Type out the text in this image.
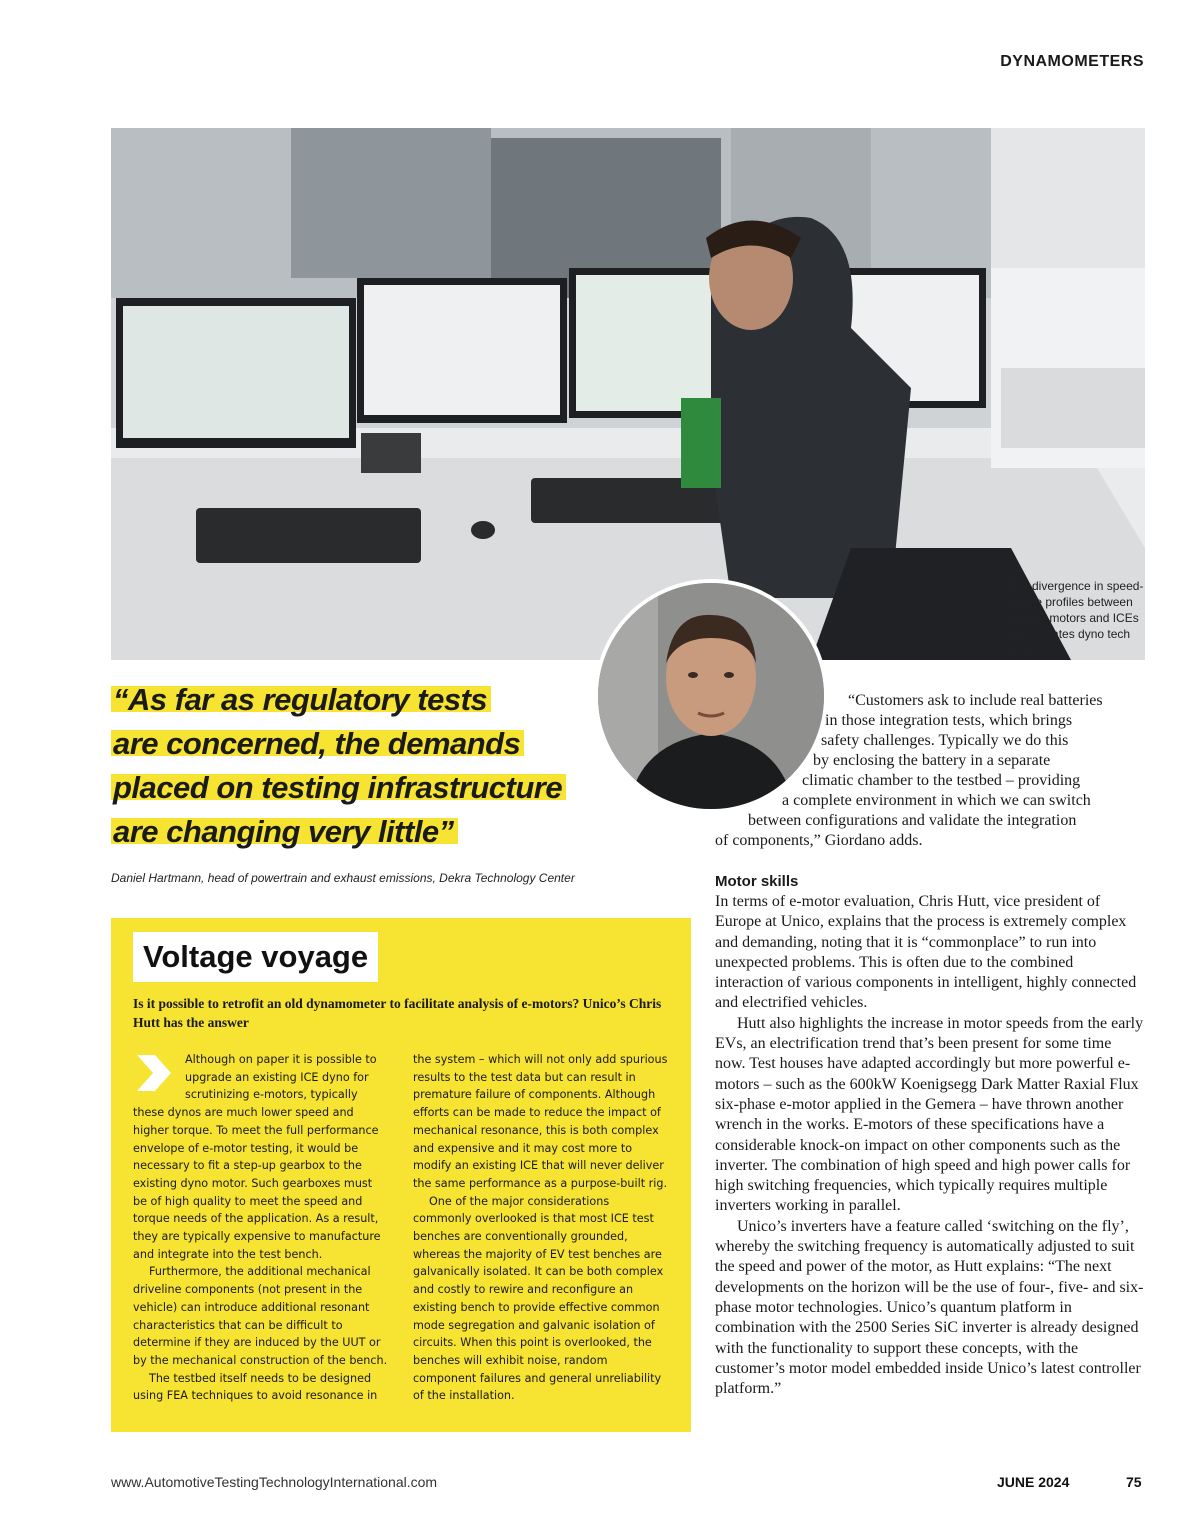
DYNAMOMETERS
The divergence in speed-torque profiles between electric motors and ICEs necessitates dyno tech evolution
“As far as regulatory tests
are concerned, the demands
placed on testing infrastructure
are changing very little”
Daniel Hartmann, head of powertrain and exhaust emissions, Dekra Technology Center
“Customers ask to include real batteries
in those integration tests, which brings
safety challenges. Typically we do this
by enclosing the battery in a separate
climatic chamber to the testbed – providing
a complete environment in which we can switch
between configurations and validate the integration
of components,” Giordano adds.
Motor skills

In terms of e-motor evaluation, Chris Hutt, vice president of Europe at Unico, explains that the process is extremely complex and demanding, noting that it is “commonplace” to run into unexpected problems. This is often due to the combined interaction of various components in intelligent, highly connected and electrified vehicles.

Hutt also highlights the increase in motor speeds from the early EVs, an electrification trend that’s been present for some time now. Test houses have adapted accordingly but more powerful e-motors – such as the 600kW Koenigsegg Dark Matter Raxial Flux six-phase e-motor applied in the Gemera – have thrown another wrench in the works. E-motors of these specifications have a considerable knock-on impact on other components such as the inverter. The combination of high speed and high power calls for high switching frequencies, which typically requires multiple inverters working in parallel.

Unico’s inverters have a feature called ‘switching on the fly’, whereby the switching frequency is automatically adjusted to suit the speed and power of the motor, as Hutt explains: “The next developments on the horizon will be the use of four-, five- and six-phase motor technologies. Unico’s quantum platform in combination with the 2500 Series SiC inverter is already designed with the functionality to support these concepts, with the customer’s motor model embedded inside Unico’s latest controller platform.”

Voltage voyage
Is it possible to retrofit an old dynamometer to facilitate analysis of e-motors? Unico’s Chris Hutt has the answer

Although on paper it is possible to upgrade an existing ICE dyno for scrutinizing e-motors, typically these dynos are much lower speed and higher torque. To meet the full performance envelope of e-motor testing, it would be necessary to fit a step-up gearbox to the existing dyno motor. Such gearboxes must be of high quality to meet the speed and torque needs of the application. As a result, they are typically expensive to manufacture and integrate into the test bench.

Furthermore, the additional mechanical driveline components (not present in the vehicle) can introduce additional resonant characteristics that can be difficult to determine if they are induced by the UUT or by the mechanical construction of the bench.

The testbed itself needs to be designed using FEA techniques to avoid resonance in

the system – which will not only add spurious results to the test data but can result in premature failure of components. Although efforts can be made to reduce the impact of mechanical resonance, this is both complex and expensive and it may cost more to modify an existing ICE that will never deliver the same performance as a purpose-built rig.

One of the major considerations commonly overlooked is that most ICE test benches are conventionally grounded, whereas the majority of EV test benches are galvanically isolated. It can be both complex and costly to rewire and reconfigure an existing bench to provide effective common mode segregation and galvanic isolation of circuits. When this point is overlooked, the benches will exhibit noise, random component failures and general unreliability of the installation.

www.AutomotiveTestingTechnologyInternational.com	JUNE 2024	75
